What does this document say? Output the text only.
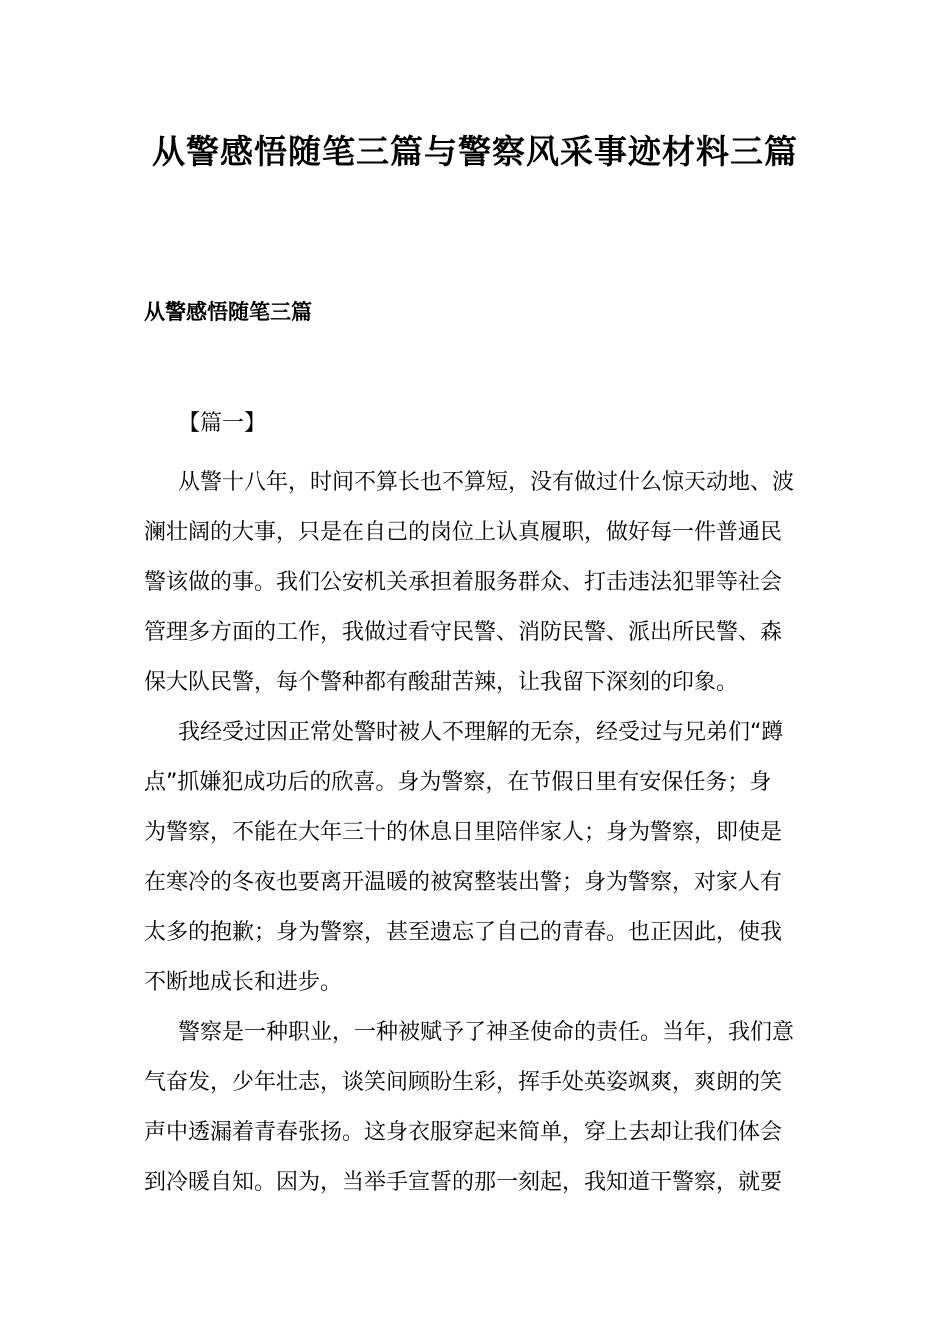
从警感悟随笔三篇与警察风采事迹材料三篇
从警感悟随笔三篇
【篇一】

从警十八年，时间不算长也不算短，没有做过什么惊天动地、波
澜壮阔的大事，只是在自己的岗位上认真履职，做好每一件普通民
警该做的事。我们公安机关承担着服务群众、打击违法犯罪等社会
管理多方面的工作，我做过看守民警、消防民警、派出所民警、森
保大队民警，每个警种都有酸甜苦辣，让我留下深刻的印象。

我经受过因正常处警时被人不理解的无奈，经受过与兄弟们“蹲
点”抓嫌犯成功后的欣喜。身为警察，在节假日里有安保任务；身
为警察，不能在大年三十的休息日里陪伴家人；身为警察，即使是
在寒冷的冬夜也要离开温暖的被窝整装出警；身为警察，对家人有
太多的抱歉；身为警察，甚至遗忘了自己的青春。也正因此，使我
不断地成长和进步。

警察是一种职业，一种被赋予了神圣使命的责任。当年，我们意
气奋发，少年壮志，谈笑间顾盼生彩，挥手处英姿飒爽，爽朗的笑
声中透漏着青春张扬。这身衣服穿起来简单，穿上去却让我们体会
到冷暖自知。因为，当举手宣誓的那一刻起，我知道干警察，就要
